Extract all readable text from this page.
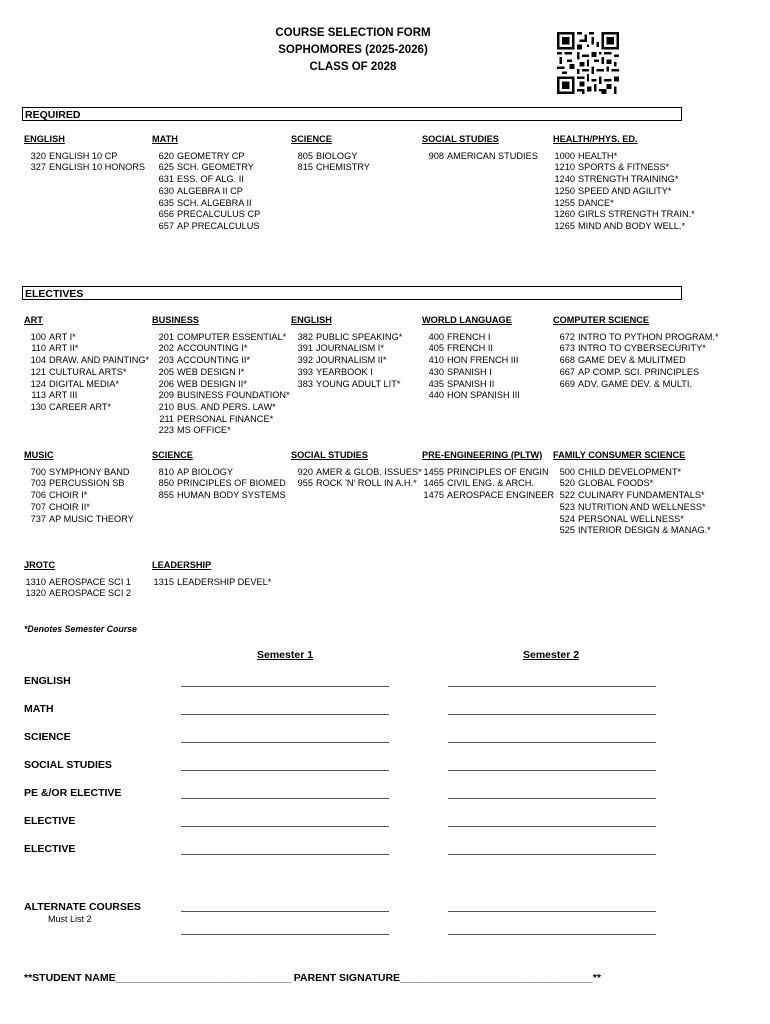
COURSE SELECTION FORM
SOPHOMORES (2025-2026)
CLASS OF 2028
REQUIRED
ENGLISH
320 ENGLISH 10 CP
327 ENGLISH 10 HONORS
MATH
620 GEOMETRY CP
625 SCH. GEOMETRY
631 ESS. OF ALG. II
630 ALGEBRA II CP
635 SCH. ALGEBRA II
656 PRECALCULUS CP
657 AP PRECALCULUS
SCIENCE
805 BIOLOGY
815 CHEMISTRY
SOCIAL STUDIES
908 AMERICAN STUDIES
HEALTH/PHYS. ED.
1000 HEALTH*
1210 SPORTS & FITNESS*
1240 STRENGTH TRAINING*
1250 SPEED AND AGILITY*
1255 DANCE*
1260 GIRLS STRENGTH TRAIN.*
1265 MIND AND BODY WELL.*
ELECTIVES
ART
100 ART I*
110 ART II*
104 DRAW. AND PAINTING*
121 CULTURAL ARTS*
124 DIGITAL MEDIA*
113 ART III
130 CAREER ART*
BUSINESS
201 COMPUTER ESSENTIAL*
202 ACCOUNTING I*
203 ACCOUNTING II*
205 WEB DESIGN I*
206 WEB DESIGN II*
209 BUSINESS FOUNDATION*
210 BUS. AND PERS. LAW*
211 PERSONAL FINANCE*
223 MS OFFICE*
ENGLISH
382 PUBLIC SPEAKING*
391 JOURNALISM I*
392 JOURNALISM II*
393 YEARBOOK I
383 YOUNG ADULT LIT*
WORLD LANGUAGE
400 FRENCH I
405 FRENCH II
410 HON FRENCH III
430 SPANISH I
435 SPANISH II
440 HON SPANISH III
COMPUTER SCIENCE
672 INTRO TO PYTHON PROGRAM.*
673 INTRO TO CYBERSECURITY*
668 GAME DEV & MULITMED
667 AP COMP. SCI. PRINCIPLES
669 ADV. GAME DEV. & MULTI.
MUSIC
700 SYMPHONY BAND
703 PERCUSSION SB
706 CHOIR I*
707 CHOIR II*
737 AP MUSIC THEORY
SCIENCE
810 AP BIOLOGY
850 PRINCIPLES OF BIOMED
855 HUMAN BODY SYSTEMS
SOCIAL STUDIES
920 AMER & GLOB. ISSUES*
955 ROCK 'N' ROLL IN A.H.*
PRE-ENGINEERING (PLTW)
1455 PRINCIPLES OF ENGIN
1465 CIVIL ENG. & ARCH.
1475 AEROSPACE ENGINEER
FAMILY CONSUMER SCIENCE
500 CHILD DEVELOPMENT*
520 GLOBAL FOODS*
522 CULINARY FUNDAMENTALS*
523 NUTRITION AND WELLNESS*
524 PERSONAL WELLNESS*
525 INTERIOR DESIGN & MANAG.*
JROTC
1310 AEROSPACE SCI 1
1320 AEROSPACE SCI 2
LEADERSHIP
1315 LEADERSHIP DEVEL*
*Denotes Semester Course
Semester 1	Semester 2
ENGLISH
MATH
SCIENCE
SOCIAL STUDIES
PE &/OR ELECTIVE
ELECTIVE
ELECTIVE
ALTERNATE COURSES
Must List 2
**STUDENT NAME______________________________ PARENT SIGNATURE_________________________________**
